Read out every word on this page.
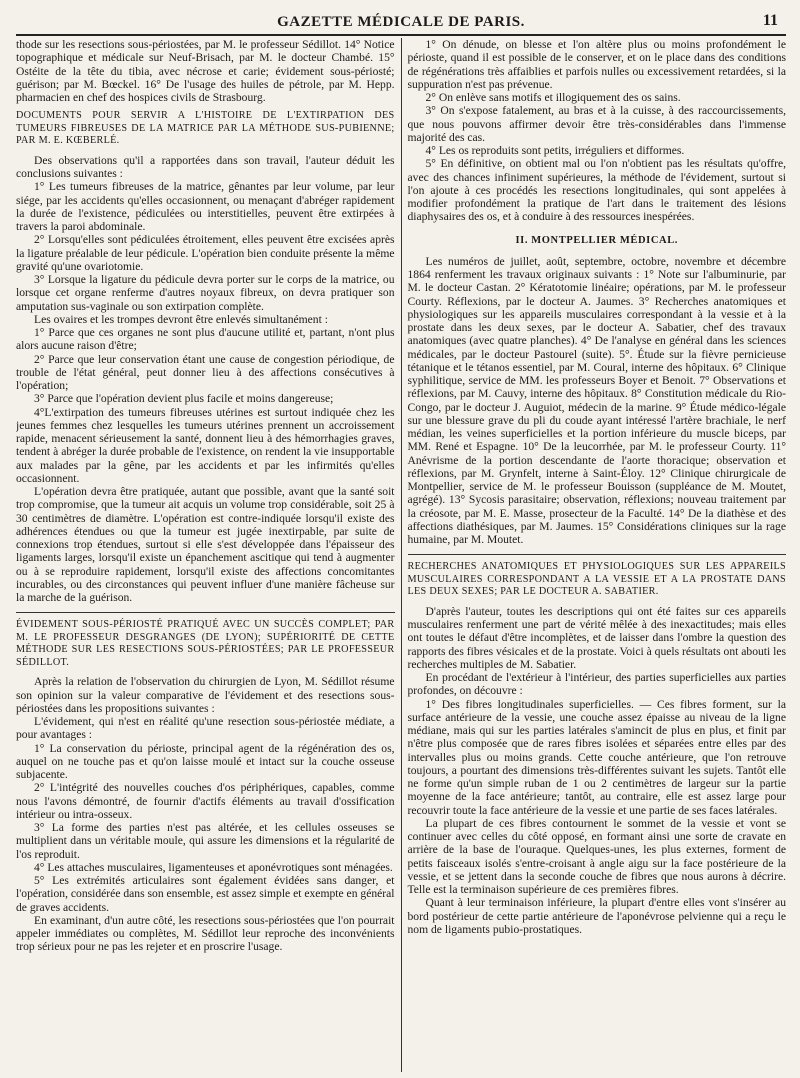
GAZETTE MÉDICALE DE PARIS.	11

thode sur les resections sous-périostées, par M. le professeur Sédillot. 14° Notice topographique et médicale sur Neuf-Brisach, par M. le docteur Chambé. 15° Ostéite de la tête du tibia, avec nécrose et carie; évidement sous-périosté; guérison; par M. Bœckel. 16° De l'usage des huiles de pétrole, par M. Hepp. pharmacien en chef des hospices civils de Strasbourg.

DOCUMENTS POUR SERVIR A L'HISTOIRE DE L'EXTIRPATION DES TUMEURS FIBREUSES DE LA MATRICE PAR LA MÉTHODE SUS-PUBIENNE; PAR M. E. KŒBERLÉ.

Des observations qu'il a rapportées dans son travail, l'auteur déduit les conclusions suivantes :

1° Les tumeurs fibreuses de la matrice, gênantes par leur volume, par leur siége, par les accidents qu'elles occasionnent, ou menaçant d'abréger rapidement la durée de l'existence, pédiculées ou interstitielles, peuvent être extirpées à travers la paroi abdominale.

2° Lorsqu'elles sont pédiculées étroitement, elles peuvent être excisées après la ligature préalable de leur pédicule. L'opération bien conduite présente la même gravité qu'une ovariotomie.

3° Lorsque la ligature du pédicule devra porter sur le corps de la matrice, ou lorsque cet organe renferme d'autres noyaux fibreux, on devra pratiquer son amputation sus-vaginale ou son extirpation complète.

Les ovaires et les trompes devront être enlevés simultanément :

1° Parce que ces organes ne sont plus d'aucune utilité et, partant, n'ont plus alors aucune raison d'être;

2° Parce que leur conservation étant une cause de congestion périodique, de trouble de l'état général, peut donner lieu à des affections consécutives à l'opération;

3° Parce que l'opération devient plus facile et moins dangereuse;

4°L'extirpation des tumeurs fibreuses utérines est surtout indiquée chez les jeunes femmes chez lesquelles les tumeurs utérines prennent un accroissement rapide, menacent sérieusement la santé, donnent lieu à des hémorrhagies graves, tendent à abréger la durée probable de l'existence, on rendent la vie insupportable aux malades par la gêne, par les accidents et par les infirmités qu'elles occasionnent.

L'opération devra être pratiquée, autant que possible, avant que la santé soit trop compromise, que la tumeur ait acquis un volume trop considérable, soit 25 à 30 centimètres de diamètre. L'opération est contre-indiquée lorsqu'il existe des adhérences étendues ou que la tumeur est jugée inextirpable, par suite de connexions trop étendues, surtout si elle s'est développée dans l'épaisseur des ligaments larges, lorsqu'il existe un épanchement ascitique qui tend à augmenter ou à se reproduire rapidement, lorsqu'il existe des affections concomitantes incurables, ou des circonstances qui peuvent influer d'une manière fâcheuse sur la marche de la guérison.

ÉVIDEMENT SOUS-PÉRIOSTÉ PRATIQUÉ AVEC UN SUCCÈS COMPLET; PAR M. LE PROFESSEUR DESGRANGES (DE LYON); SUPÉRIORITÉ DE CETTE MÉTHODE SUR LES RESECTIONS SOUS-PÉRIOSTÉES; PAR LE PROFESSEUR SÉDILLOT.

Après la relation de l'observation du chirurgien de Lyon, M. Sédillot résume son opinion sur la valeur comparative de l'évidement et des resections sous-périostées dans les propositions suivantes :

L'évidement, qui n'est en réalité qu'une resection sous-périostée médiate, a pour avantages :

1° La conservation du périoste, principal agent de la régénération des os, auquel on ne touche pas et qu'on laisse moulé et intact sur la couche osseuse subjacente.

2° L'intégrité des nouvelles couches d'os périphériques, capables, comme nous l'avons démontré, de fournir d'actifs éléments au travail d'ossification intérieur ou intra-osseux.

3° La forme des parties n'est pas altérée, et les cellules osseuses se multiplient dans un véritable moule, qui assure les dimensions et la régularité de l'os reproduit.

4° Les attaches musculaires, ligamenteuses et aponévrotiques sont ménagées.

5° Les extrémités articulaires sont également évidées sans danger, et l'opération, considérée dans son ensemble, est assez simple et exempte en général de graves accidents.

En examinant, d'un autre côté, les resections sous-périostées que l'on pourrait appeler immédiates ou complètes, M. Sédillot leur reproche des inconvénients trop sérieux pour ne pas les rejeter et en proscrire l'usage.

1° On dénude, on blesse et l'on altère plus ou moins profondément le périoste, quand il est possible de le conserver, et on le place dans des conditions de régénérations très affaiblies et parfois nulles ou excessivement retardées, si la suppuration n'est pas prévenue.

2° On enlève sans motifs et illogiquement des os sains.

3° On s'expose fatalement, au bras et à la cuisse, à des raccourcissements, que nous pouvons affirmer devoir être très-considérables dans l'immense majorité des cas.

4° Les os reproduits sont petits, irréguliers et difformes.

5° En définitive, on obtient mal ou l'on n'obtient pas les résultats qu'offre, avec des chances infiniment supérieures, la méthode de l'évidement, surtout si l'on ajoute à ces procédés les resections longitudinales, qui sont appelées à modifier profondément la pratique de l'art dans le traitement des lésions diaphysaires des os, et à conduire à des ressources inespérées.

II. MONTPELLIER MÉDICAL.

Les numéros de juillet, août, septembre, octobre, novembre et décembre 1864 renferment les travaux originaux suivants : 1° Note sur l'albuminurie, par M. le docteur Castan. 2° Kératotomie linéaire; opérations, par M. le professeur Courty. Réflexions, par le docteur A. Jaumes. 3° Recherches anatomiques et physiologiques sur les appareils musculaires correspondant à la vessie et à la prostate dans les deux sexes, par le docteur A. Sabatier, chef des travaux anatomiques (avec quatre planches). 4° De l'analyse en général dans les sciences médicales, par le docteur Pastourel (suite). 5°. Étude sur la fièvre pernicieuse tétanique et le tétanos essentiel, par M. Coural, interne des hôpitaux. 6° Clinique syphilitique, service de MM. les professeurs Boyer et Benoit. 7° Observations et réflexions, par M. Cauvy, interne des hôpitaux. 8° Constitution médicale du Rio-Congo, par le docteur J. Auguiot, médecin de la marine. 9° Étude médico-légale sur une blessure grave du pli du coude ayant intéressé l'artère brachiale, le nerf médian, les veines superficielles et la portion inférieure du muscle biceps, par MM. René et Espagne. 10° De la leucorrhée, par M. le professeur Courty. 11° Anévrisme de la portion descendante de l'aorte thoracique; observation et réflexions, par M. Grynfelt, interne à Saint-Éloy. 12° Clinique chirurgicale de Montpellier, service de M. le professeur Bouisson (suppléance de M. Moutet, agrégé). 13° Sycosis parasitaire; observation, réflexions; nouveau traitement par la créosote, par M. E. Masse, prosecteur de la Faculté. 14° De la diathèse et des affections diathésiques, par M. Jaumes. 15° Considérations cliniques sur la rage humaine, par M. Moutet.

RECHERCHES ANATOMIQUES ET PHYSIOLOGIQUES SUR LES APPAREILS MUSCULAIRES CORRESPONDANT A LA VESSIE ET A LA PROSTATE DANS LES DEUX SEXES; PAR LE DOCTEUR A. SABATIER.

D'après l'auteur, toutes les descriptions qui ont été faites sur ces appareils musculaires renferment une part de vérité mêlée à des inexactitudes; mais elles ont toutes le défaut d'être incomplètes, et de laisser dans l'ombre la question des rapports des fibres vésicales et de la prostate. Voici à quels résultats ont abouti les recherches multiples de M. Sabatier.

En procédant de l'extérieur à l'intérieur, des parties superficielles aux parties profondes, on découvre :

1° Des fibres longitudinales superficielles. — Ces fibres forment, sur la surface antérieure de la vessie, une couche assez épaisse au niveau de la ligne médiane, mais qui sur les parties latérales s'amincit de plus en plus, et finit par n'être plus composée que de rares fibres isolées et séparées entre elles par des intervalles plus ou moins grands. Cette couche antérieure, que l'on retrouve toujours, a pourtant des dimensions très-différentes suivant les sujets. Tantôt elle ne forme qu'un simple ruban de 1 ou 2 centimètres de largeur sur la partie moyenne de la face antérieure; tantôt, au contraire, elle est assez large pour recouvrir toute la face antérieure de la vessie et une partie de ses faces latérales.

La plupart de ces fibres contournent le sommet de la vessie et vont se continuer avec celles du côté opposé, en formant ainsi une sorte de cravate en arrière de la base de l'ouraque. Quelques-unes, les plus externes, forment de petits faisceaux isolés s'entre-croisant à angle aigu sur la face postérieure de la vessie, et se jettent dans la seconde couche de fibres que nous aurons à décrire. Telle est la terminaison supérieure de ces premières fibres.

Quant à leur terminaison inférieure, la plupart d'entre elles vont s'insérer au bord postérieur de cette partie antérieure de l'aponévrose pelvienne qui a reçu le nom de ligaments pubio-prostatiques.
